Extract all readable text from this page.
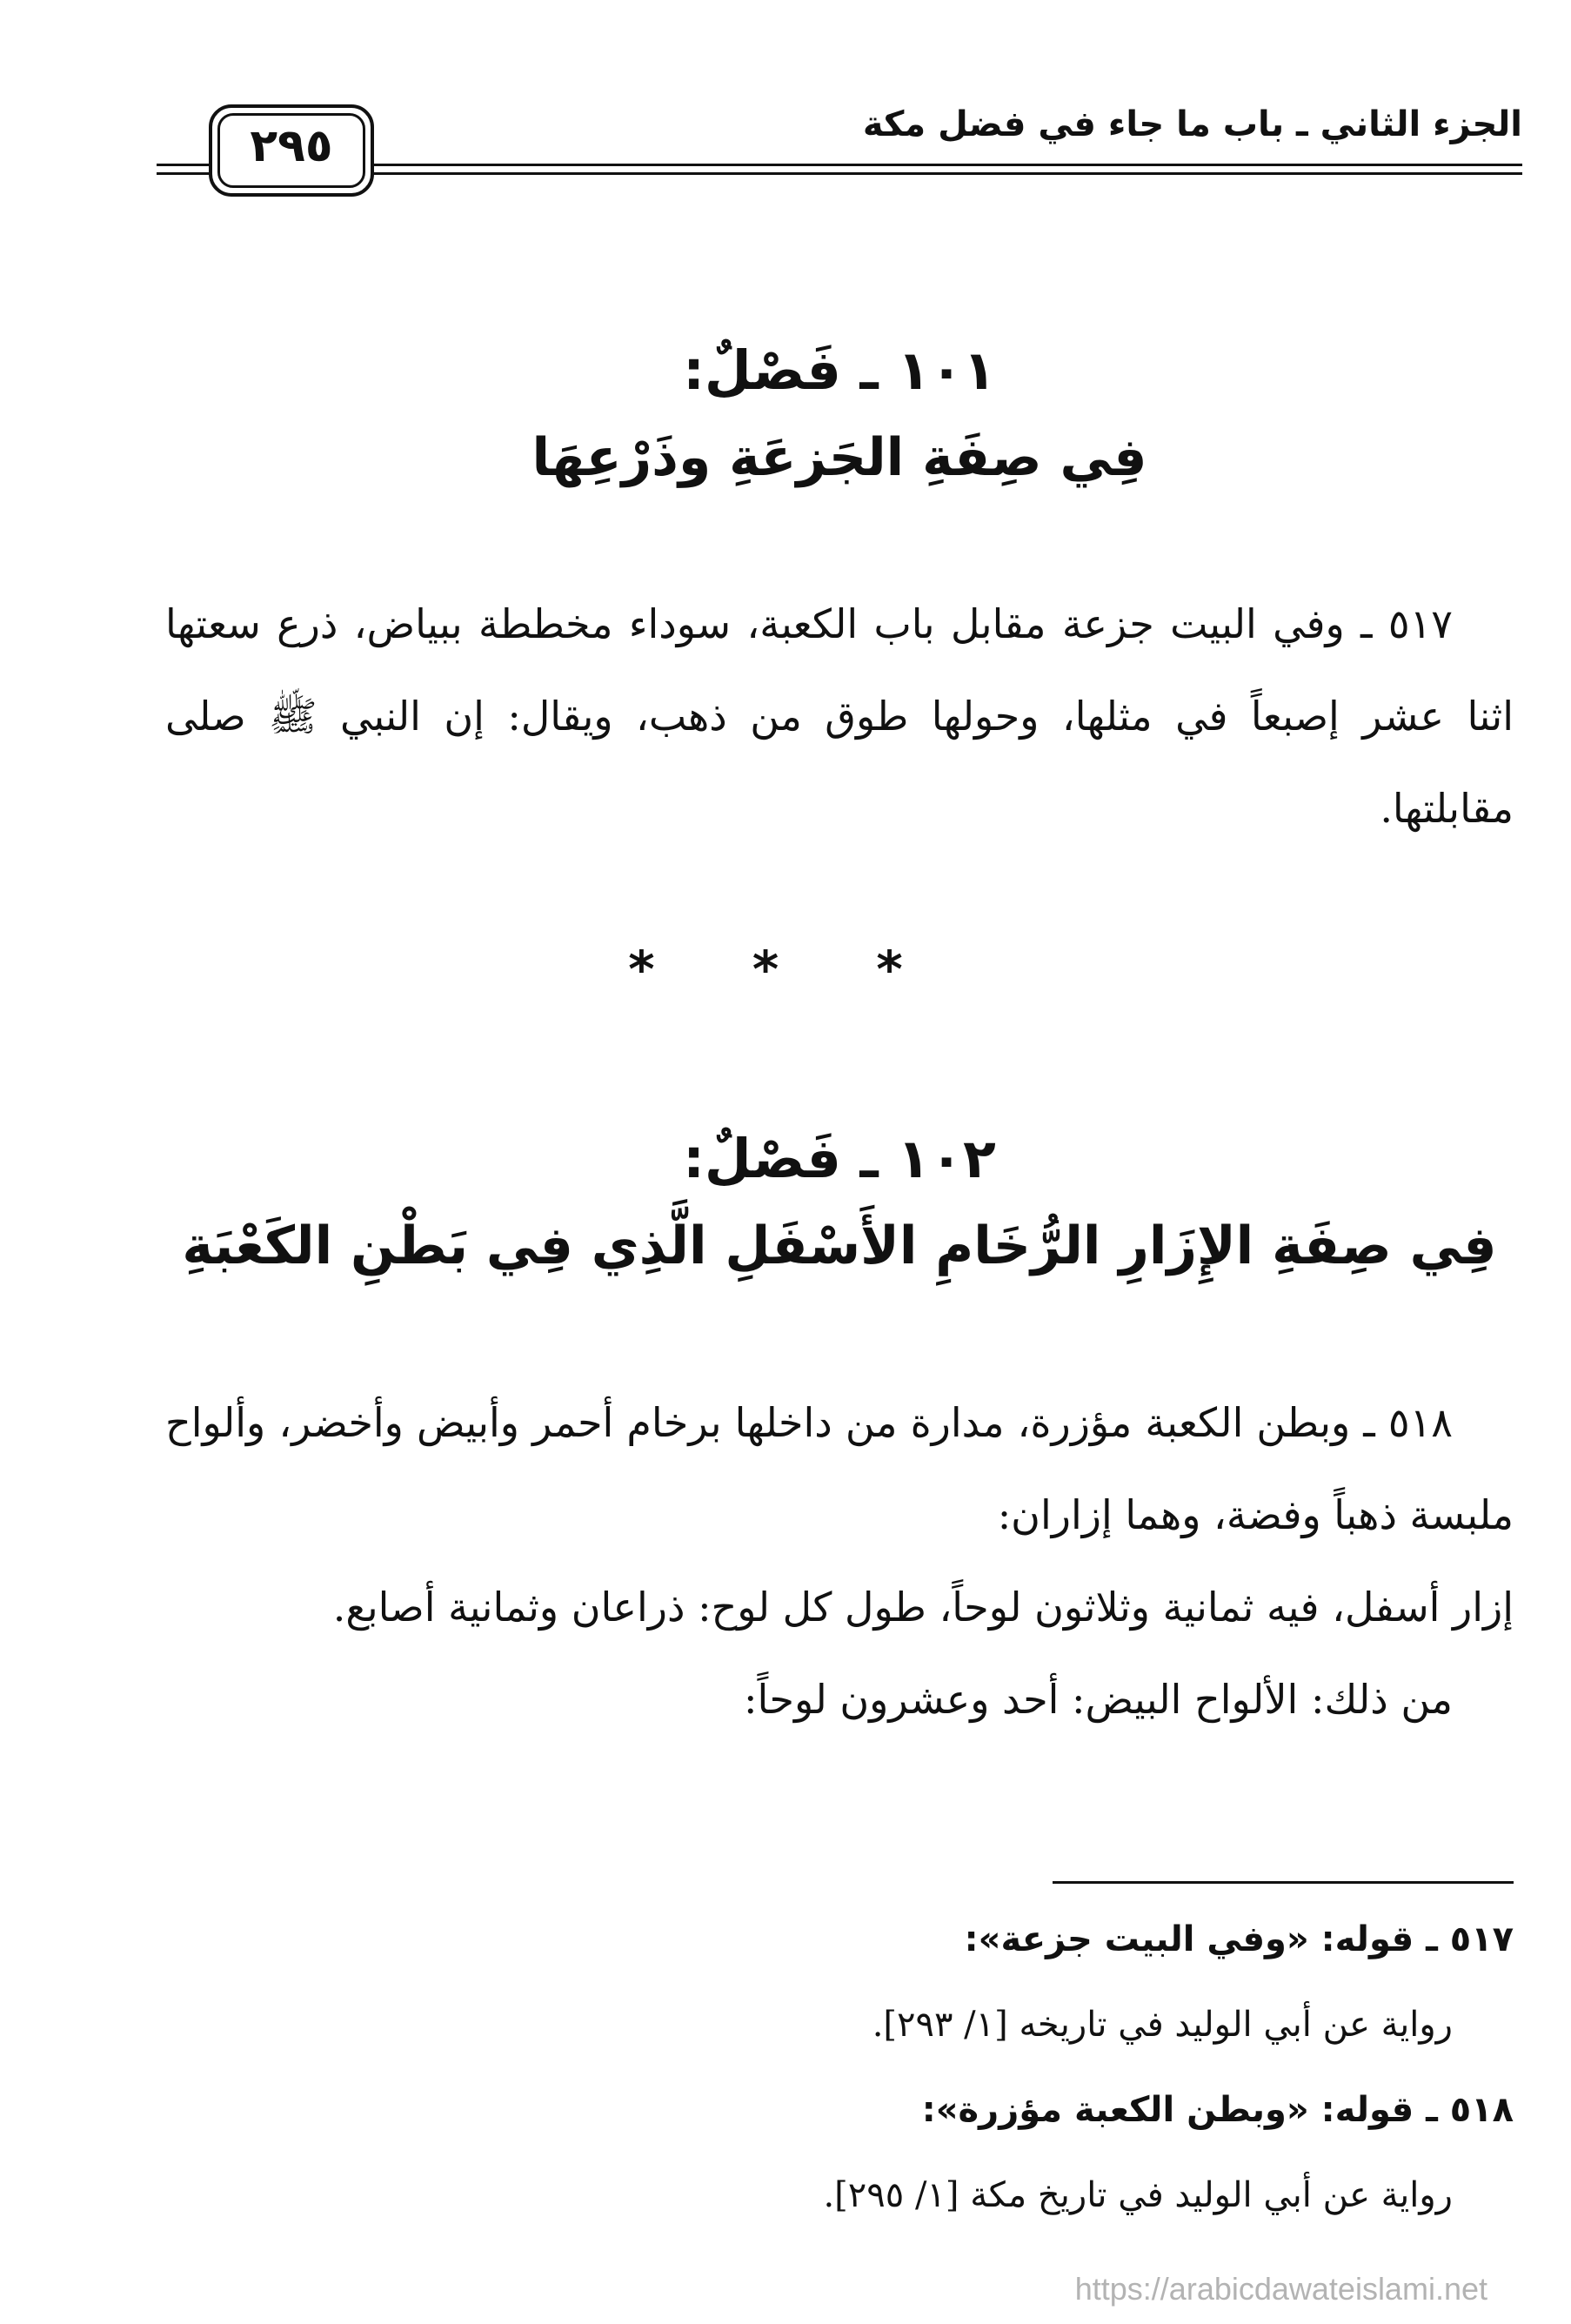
الجزء الثاني ـ باب ما جاء في فضل مكة
٢٩٥
١٠١ ـ فَصْلٌ:
فِي صِفَةِ الجَزعَةِ وذَرْعِهَا

٥١٧ ـ وفي البيت جزعة مقابل باب الكعبة، سوداء مخططة ببياض، ذرع سعتها اثنا عشر إصبعاً في مثلها، وحولها طوق من ذهب، ويقال: إن النبي ﷺ صلى مقابلتها.

* * *
١٠٢ ـ فَصْلٌ:
فِي صِفَةِ الإِزَارِ الرُّخَامِ الأَسْفَلِ الَّذِي فِي بَطْنِ الكَعْبَةِ

٥١٨ ـ وبطن الكعبة مؤزرة، مدارة من داخلها برخام أحمر وأبيض وأخضر، وألواح ملبسة ذهباً وفضة، وهما إزاران:

إزار أسفل، فيه ثمانية وثلاثون لوحاً، طول كل لوح: ذراعان وثمانية أصابع.

من ذلك: الألواح البيض: أحد وعشرون لوحاً:

٥١٧ ـ قوله: «وفي البيت جزعة»:

رواية عن أبي الوليد في تاريخه [١/ ٢٩٣].

٥١٨ ـ قوله: «وبطن الكعبة مؤزرة»:

رواية عن أبي الوليد في تاريخ مكة [١/ ٢٩٥].

https://arabicdawateislami.net
